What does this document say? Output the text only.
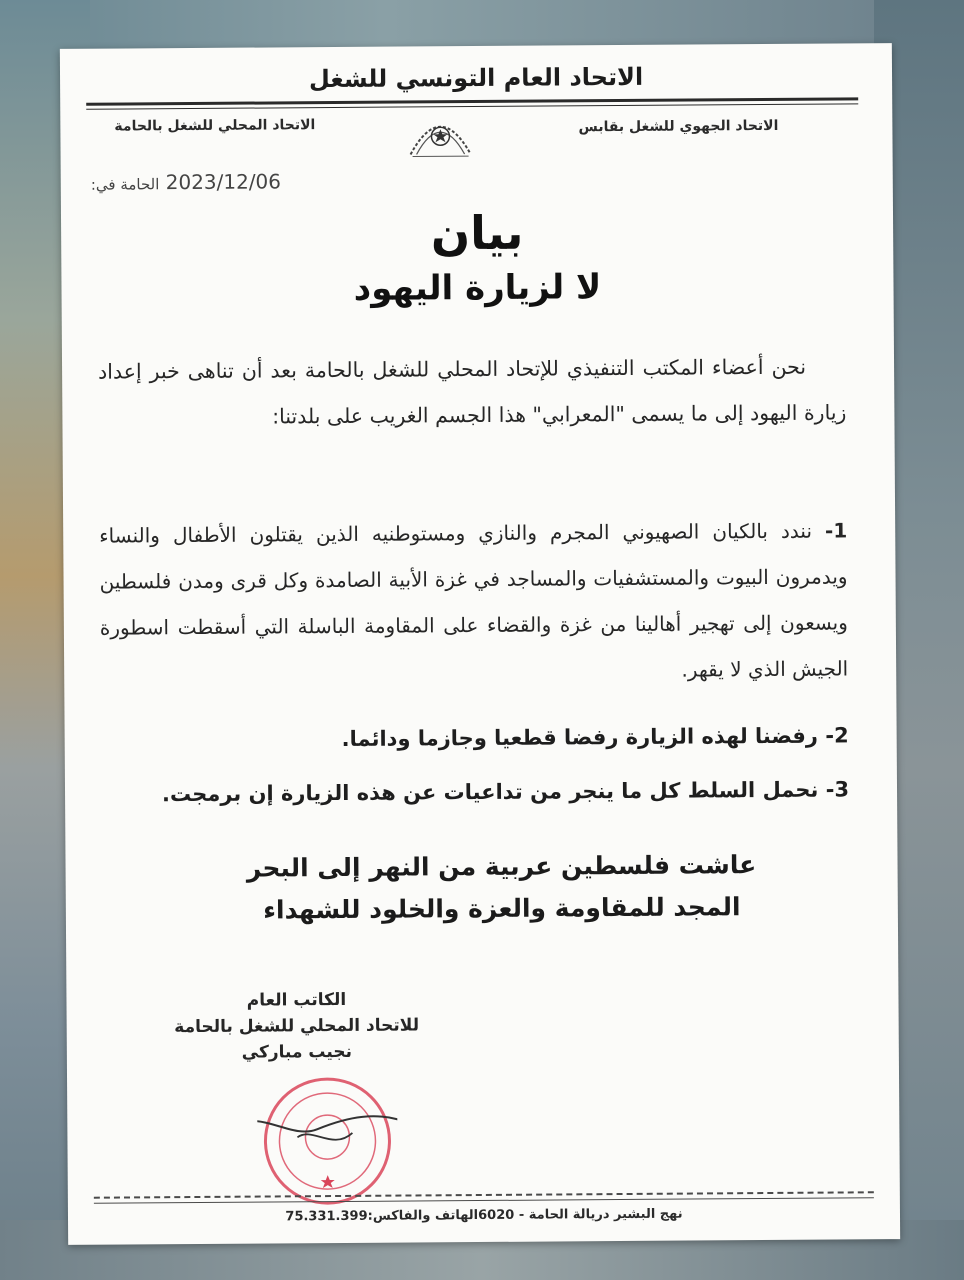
الاتحاد العام التونسي للشغل
الاتحاد الجهوي للشغل بقابس
الاتحاد المحلي للشغل بالحامة
2023/12/06 الحامة في:
بيان
لا لزيارة اليهود
نحن أعضاء المكتب التنفيذي للإتحاد المحلي للشغل بالحامة بعد أن تناهى خبر إعداد زيارة اليهود إلى ما يسمى "المعرابي" هذا الجسم الغريب على بلدتنا:
1- نندد بالكيان الصهيوني المجرم والنازي ومستوطنيه الذين يقتلون الأطفال والنساء ويدمرون البيوت والمستشفيات والمساجد في غزة الأبية الصامدة وكل قرى ومدن فلسطين ويسعون إلى تهجير أهالينا من غزة والقضاء على المقاومة الباسلة التي أسقطت اسطورة الجيش الذي لا يقهر.
2- رفضنا لهذه الزيارة رفضا قطعيا وجازما ودائما.
3- نحمل السلط كل ما ينجر من تداعيات عن هذه الزيارة إن برمجت.
عاشت فلسطين عربية من النهر إلى البحر
المجد للمقاومة والعزة والخلود للشهداء
الكاتب العام
للاتحاد المحلي للشغل بالحامة
نجيب مباركي
نهج البشير دريالة الحامة - 6020الهاتف والفاكس:75.331.399
